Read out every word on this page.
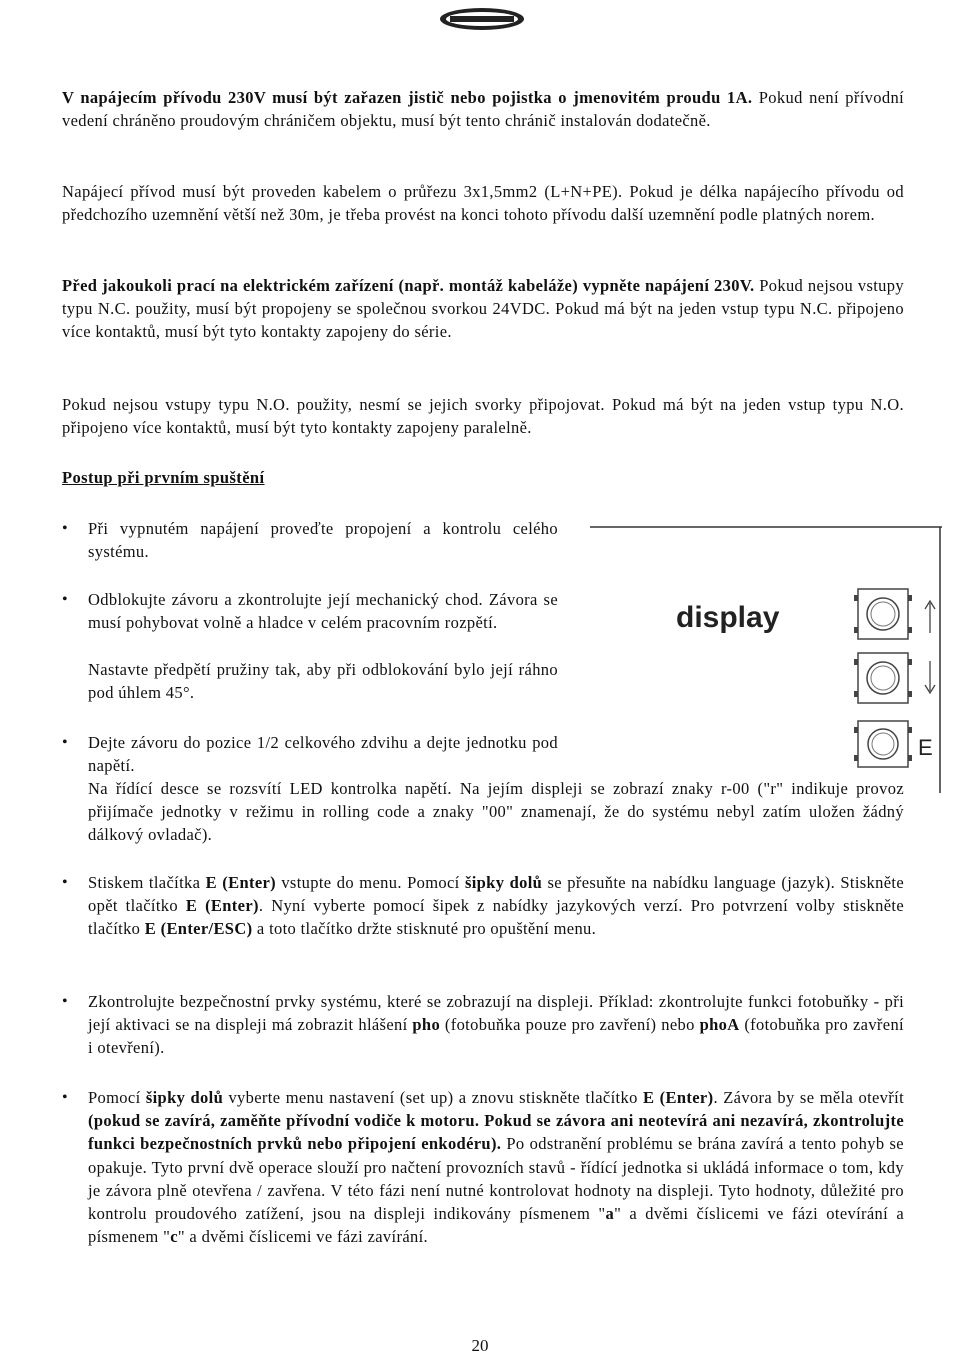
V napájecím přívodu 230V musí být zařazen jistič nebo pojistka o jmenovitém proudu 1A. Pokud není přívodní vedení chráněno proudovým chráničem objektu, musí být tento chránič instalován dodatečně.

Napájecí přívod musí být proveden kabelem o průřezu 3x1,5mm2 (L+N+PE). Pokud je délka napájecího přívodu od předchozího uzemnění větší než 30m, je třeba provést na konci tohoto přívodu další uzemnění podle platných norem.

Před jakoukoli prací na elektrickém zařízení (např. montáž kabeláže) vypněte napájení 230V. Pokud nejsou vstupy typu N.C. použity, musí být propojeny se společnou svorkou 24VDC. Pokud má být na jeden vstup typu N.C. připojeno více kontaktů, musí být tyto kontakty zapojeny do série.

Pokud nejsou vstupy typu N.O. použity, nesmí se jejich svorky připojovat. Pokud má být na jeden vstup typu N.O. připojeno více kontaktů, musí být tyto kontakty zapojeny paralelně.

Postup při prvním spuštění
• Při vypnutém napájení proveďte propojení a kontrolu celého systému.

• Odblokujte závoru a zkontrolujte její mechanický chod. Závora se musí pohybovat volně a hladce v celém pracovním rozpětí.

Nastavte předpětí pružiny tak, aby při odblokování bylo její ráhno pod úhlem 45°.

• Dejte závoru do pozice 1/2 celkového zdvihu a dejte jednotku pod napětí.

Na řídící desce se rozsvítí LED kontrolka napětí. Na jejím displeji se zobrazí znaky r-00 ("r" indikuje provoz přijímače jednotky v režimu in rolling code a znaky "00" znamenají, že do systému nebyl zatím uložen žádný dálkový ovladač).

display
E
• Stiskem tlačítka E (Enter) vstupte do menu. Pomocí šipky dolů se přesuňte na nabídku language (jazyk). Stiskněte opět tlačítko E (Enter). Nyní vyberte pomocí šipek z nabídky jazykových verzí. Pro potvrzení volby stiskněte tlačítko E (Enter/ESC) a toto tlačítko držte stisknuté pro opuštění menu.

• Zkontrolujte bezpečnostní prvky systému, které se zobrazují na displeji. Příklad: zkontrolujte funkci fotobuňky - při její aktivaci se na displeji má zobrazit hlášení pho (fotobuňka pouze pro zavření) nebo phoA (fotobuňka pro zavření i otevření).

• Pomocí šipky dolů vyberte menu nastavení (set up) a znovu stiskněte tlačítko E (Enter). Závora by se měla otevřít (pokud se zavírá, zaměňte přívodní vodiče k motoru. Pokud se závora ani neotevírá ani nezavírá, zkontrolujte funkci bezpečnostních prvků nebo připojení enkodéru). Po odstranění problému se brána zavírá a tento pohyb se opakuje. Tyto první dvě operace slouží pro načtení provozních stavů - řídící jednotka si ukládá informace o tom, kdy je závora plně otevřena / zavřena. V této fázi není nutné kontrolovat hodnoty na displeji. Tyto hodnoty, důležité pro kontrolu proudového zatížení, jsou na displeji indikovány písmenem "a" a dvěmi číslicemi ve fázi otevírání a písmenem "c" a dvěmi číslicemi ve fázi zavírání.

20
